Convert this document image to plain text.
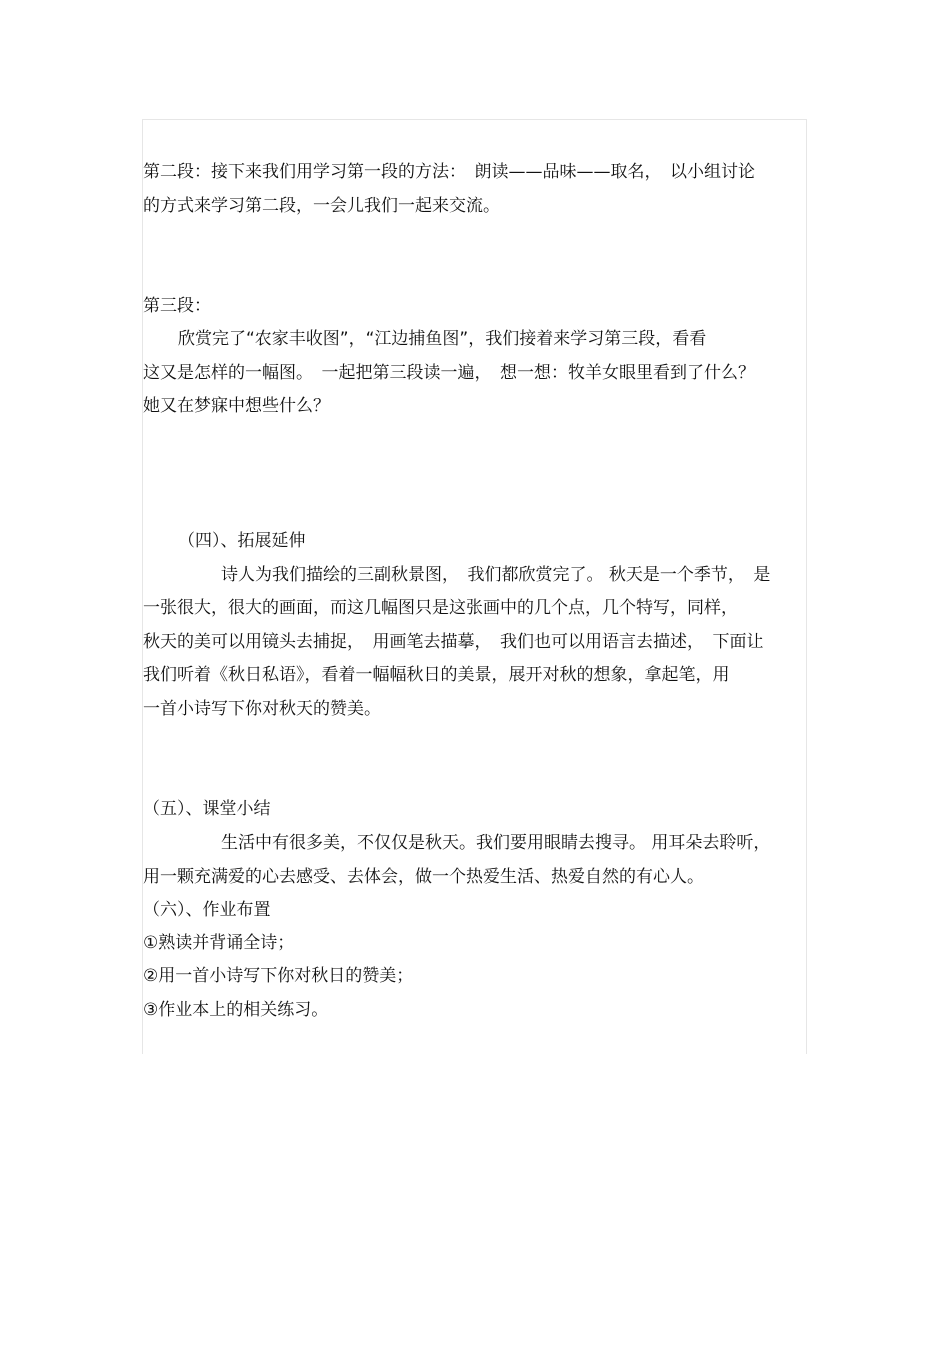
第二段：接下来我们用学习第一段的方法：　朗读——品味——取名，　以小组讨论
的方式来学习第二段，一会儿我们一起来交流。
第三段：
欣赏完了“农家丰收图”，“江边捕鱼图”，我们接着来学习第三段，看看
这又是怎样的一幅图。　一起把第三段读一遍，　想一想：牧羊女眼里看到了什么？
她又在梦寐中想些什么？
（四）、拓展延伸
诗人为我们描绘的三副秋景图，　我们都欣赏完了。 秋天是一个季节，　是
一张很大，很大的画面，而这几幅图只是这张画中的几个点，几个特写，同样，
秋天的美可以用镜头去捕捉，　用画笔去描摹，　我们也可以用语言去描述，　下面让
我们听着《秋日私语》，看着一幅幅秋日的美景，展开对秋的想象，拿起笔，用
一首小诗写下你对秋天的赞美。
（五）、课堂小结
生活中有很多美，不仅仅是秋天。我们要用眼睛去搜寻。 用耳朵去聆听，
用一颗充满爱的心去感受、去体会，做一个热爱生活、热爱自然的有心人。
（六）、作业布置
①熟读并背诵全诗；
②用一首小诗写下你对秋日的赞美；
③作业本上的相关练习。
